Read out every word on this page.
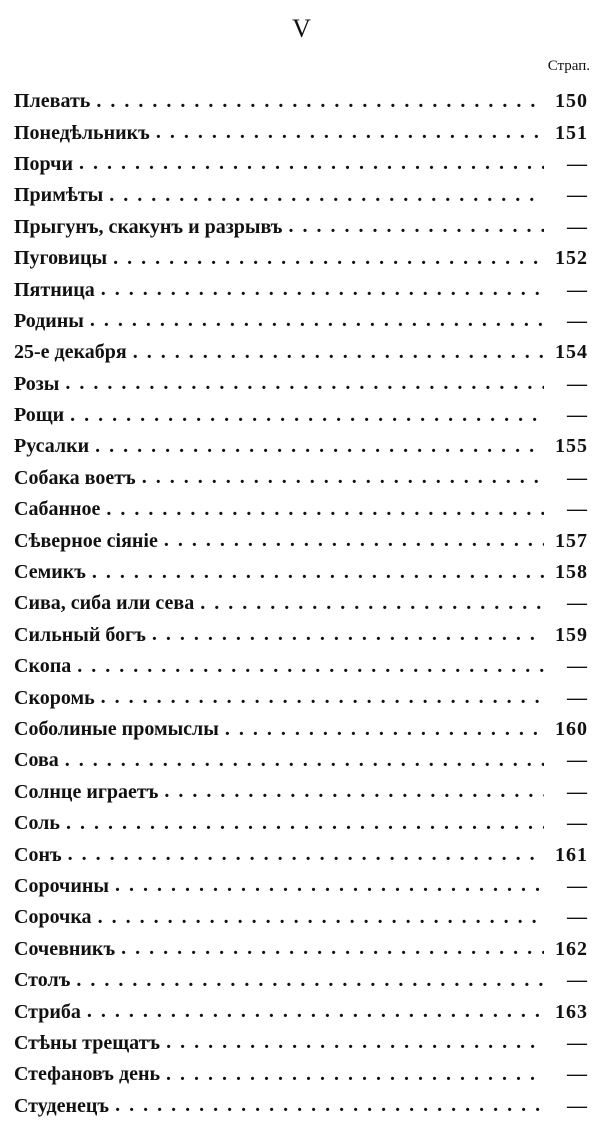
V
Страп.
Плевать . . .	150
Понедѣльникъ . . .	151
Порчи . . .	—
Примѣты . . .	—
Прыгунъ, скакунъ и разрывъ . . .	—
Пуговицы . . .	152
Пятница . . .	—
Родины . . .	—
25-е декабря . . .	154
Розы . . .	—
Рощи . . .	—
Русалки . . .	155
Собака воетъ . . .	—
Сабанное . . .	—
Сѣверное сіяніе . . .	157
Семикъ . . .	158
Сива, сиба или сева . . .	—
Сильный богъ . . .	159
Скопа . . .	—
Скоромь . . .	—
Соболиные промыслы . . .	160
Сова . . .	—
Солнце играетъ . . .	—
Соль . . .	—
Сонъ . . .	161
Сорочины . . .	—
Сорочка . . .	—
Сочевникъ . . .	162
Столъ . . .	—
Стриба . . .	163
Стѣны трещатъ . . .	—
Стефановъ день . . .	—
Студенецъ . . .	—
